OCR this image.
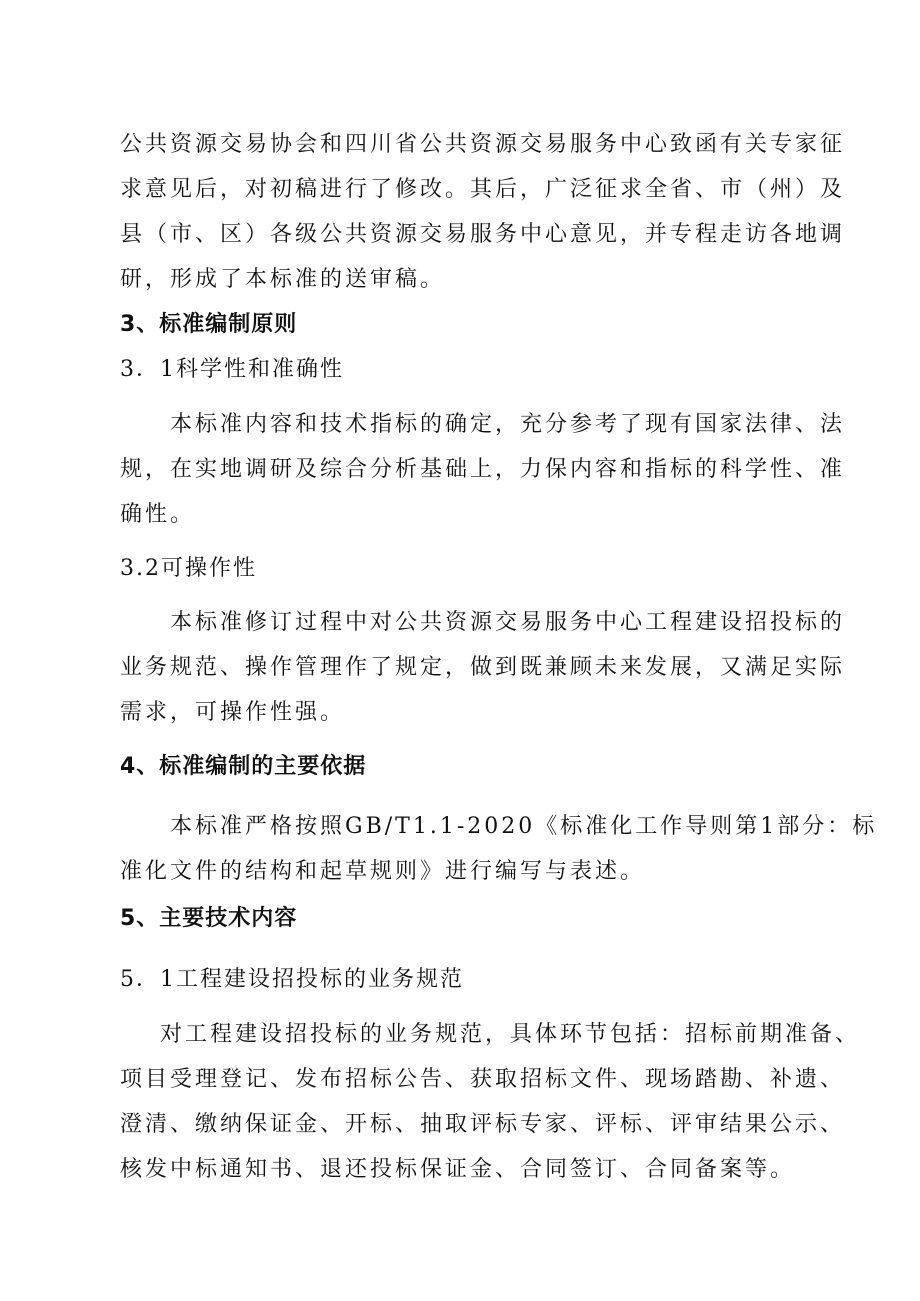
公共资源交易协会和四川省公共资源交易服务中心致函有关专家征
求意见后，对初稿进行了修改。其后，广泛征求全省、市（州）及
县（市、区）各级公共资源交易服务中心意见，并专程走访各地调
研，形成了本标准的送审稿。
3、标准编制原则
3．1科学性和准确性
本标准内容和技术指标的确定，充分参考了现有国家法律、法
规，在实地调研及综合分析基础上，力保内容和指标的科学性、准
确性。
3.2可操作性
本标准修订过程中对公共资源交易服务中心工程建设招投标的
业务规范、操作管理作了规定，做到既兼顾未来发展，又满足实际
需求，可操作性强。
4、标准编制的主要依据
本标准严格按照GB/T1.1-2020《标准化工作导则第1部分：标
准化文件的结构和起草规则》进行编写与表述。
5、主要技术内容
5．1工程建设招投标的业务规范
对工程建设招投标的业务规范，具体环节包括：招标前期准备、
项目受理登记、发布招标公告、获取招标文件、现场踏勘、补遗、
澄清、缴纳保证金、开标、抽取评标专家、评标、评审结果公示、
核发中标通知书、退还投标保证金、合同签订、合同备案等。
